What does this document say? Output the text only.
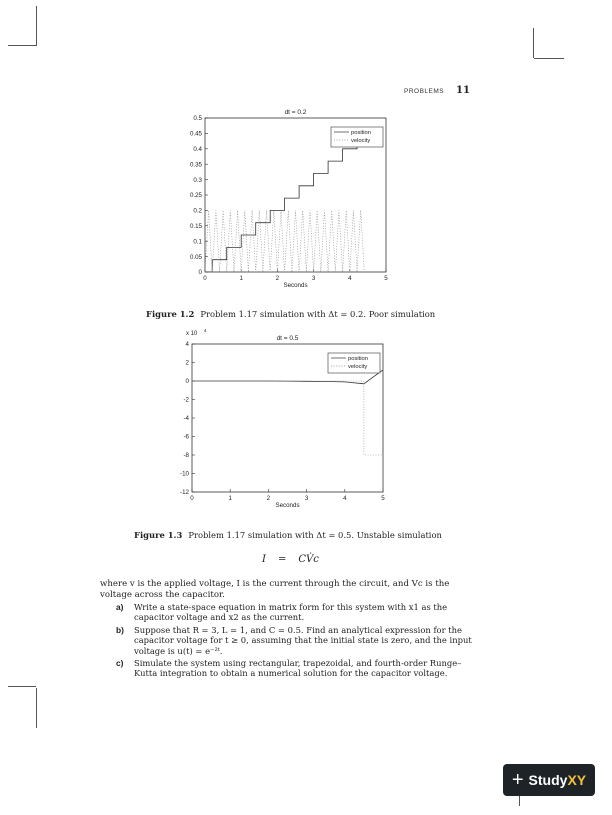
PROBLEMS 11
dt = 0.2
0	1	2	3	4	5
0
0.05
0.1
0.15
0.2
0.25
0.3
0.35
0.4
0.45
0.5
Seconds
position
velocity
dt = 0.5
0	1	2	3	4	5
-12
-10
-8
-6
-4
-2
0
2
4
Seconds
x 10
4
position
velocity
Figure 1.2 Problem 1.17 simulation with Δt = 0.2. Poor simulation
Figure 1.3 Problem 1.17 simulation with Δt = 0.5. Unstable simulation
I = CV̇c
where v is the applied voltage, I is the current through the circuit, and Vc is the voltage across the capacitor.
a) Write a state-space equation in matrix form for this system with x1 as the capacitor voltage and x2 as the current.
b) Suppose that R = 3, L = 1, and C = 0.5. Find an analytical expression for the capacitor voltage for t ≥ 0, assuming that the initial state is zero, and the input voltage is u(t) = e⁻²ᵗ.
c) Simulate the system using rectangular, trapezoidal, and fourth-order Runge–Kutta integration to obtain a numerical solution for the capacitor voltage.
+ StudyXY
